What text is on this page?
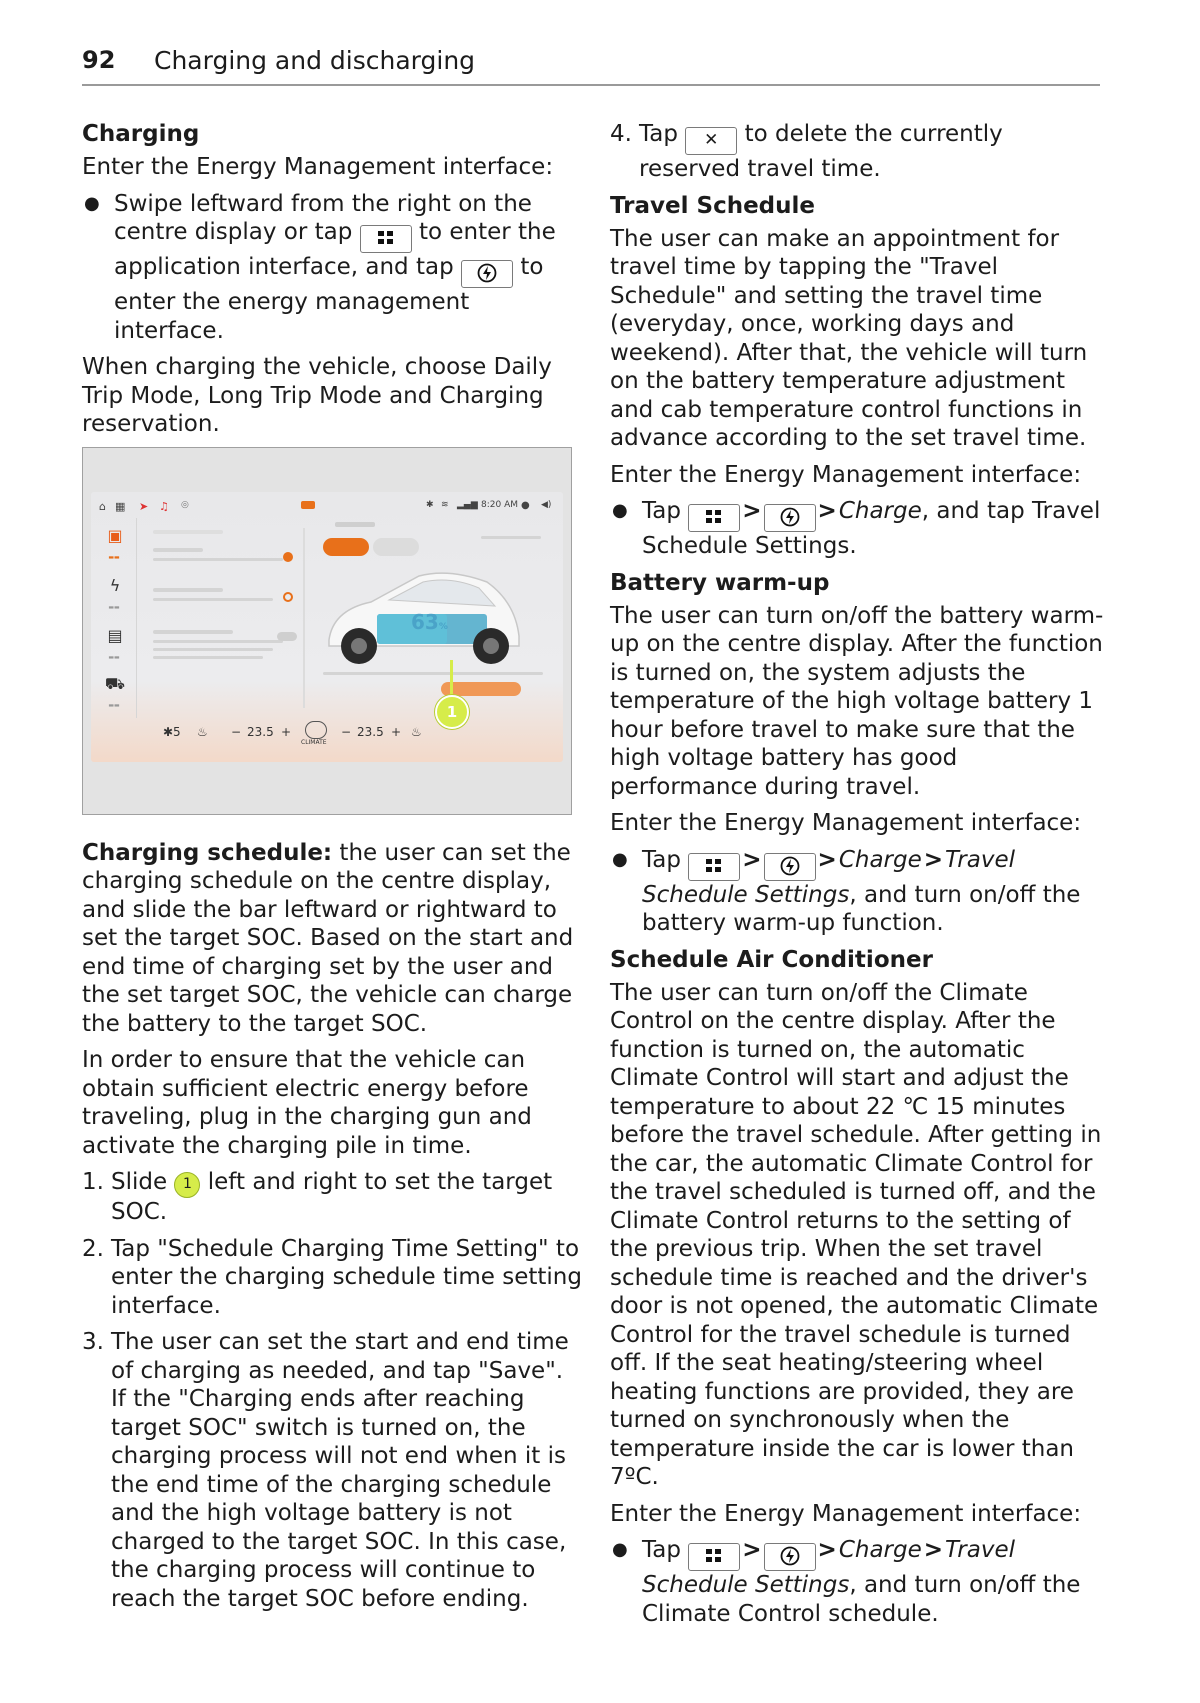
92 Charging and discharging
Charging

Enter the Energy Management interface:

● Swipe leftward from the right on the centre display or tap	to enter the application interface, and tap	to enter the energy management interface.

When charging the vehicle, choose Daily Trip Mode, Long Trip Mode and Charging reservation.

⌂ ▦ ➤ ♫ ◎	✱ ≋ ▂▄▆ 8:20 AM ● ◀)
▣
▬▬
ϟ
▬▬
▤
▬▬
⛟
▬▬
63%
1
✱ 5 ♨ − 23.5 +
CLIMATE
− 23.5 + ♨

Charging schedule: the user can set the charging schedule on the centre display, and slide the bar leftward or rightward to set the target SOC. Based on the start and end time of charging set by the user and the set target SOC, the vehicle can charge the battery to the target SOC.

In order to ensure that the vehicle can obtain sufficient electric energy before traveling, plug in the charging gun and activate the charging pile in time.

1. Slide 1 left and right to set the target SOC.
2. Tap "Schedule Charging Time Setting" to enter the charging schedule time setting interface.
3. The user can set the start and end time of charging as needed, and tap "Save". If the "Charging ends after reaching target SOC" switch is turned on, the charging process will not end when it is the end time of the charging schedule and the high voltage battery is not charged to the target SOC. In this case, the charging process will continue to reach the target SOC before ending.
4. Tap ✕ to delete the currently reserved travel time.
Travel Schedule

The user can make an appointment for travel time by tapping the "Travel Schedule" and setting the travel time (everyday, once, working days and weekend). After that, the vehicle will turn on the battery temperature adjustment and cab temperature control functions in advance according to the set travel time.

Enter the Energy Management interface:

● Tap	> >Charge, and tap Travel Schedule Settings.
Battery warm-up

The user can turn on/off the battery warm-up on the centre display. After the function is turned on, the system adjusts the temperature of the high voltage battery 1 hour before travel to make sure that the high voltage battery has good performance during travel.

Enter the Energy Management interface:

● Tap	> >Charge>Travel Schedule Settings, and turn on/off the battery warm-up function.
Schedule Air Conditioner

The user can turn on/off the Climate Control on the centre display. After the function is turned on, the automatic Climate Control will start and adjust the temperature to about 22 ℃ 15 minutes before the travel schedule. After getting in the car, the automatic Climate Control for the travel scheduled is turned off, and the Climate Control returns to the setting of the previous trip. When the set travel schedule time is reached and the driver's door is not opened, the automatic Climate Control for the travel schedule is turned off. If the seat heating/steering wheel heating functions are provided, they are turned on synchronously when the temperature inside the car is lower than 7ºC.

Enter the Energy Management interface:

● Tap	> >Charge>Travel Schedule Settings, and turn on/off the Climate Control schedule.
